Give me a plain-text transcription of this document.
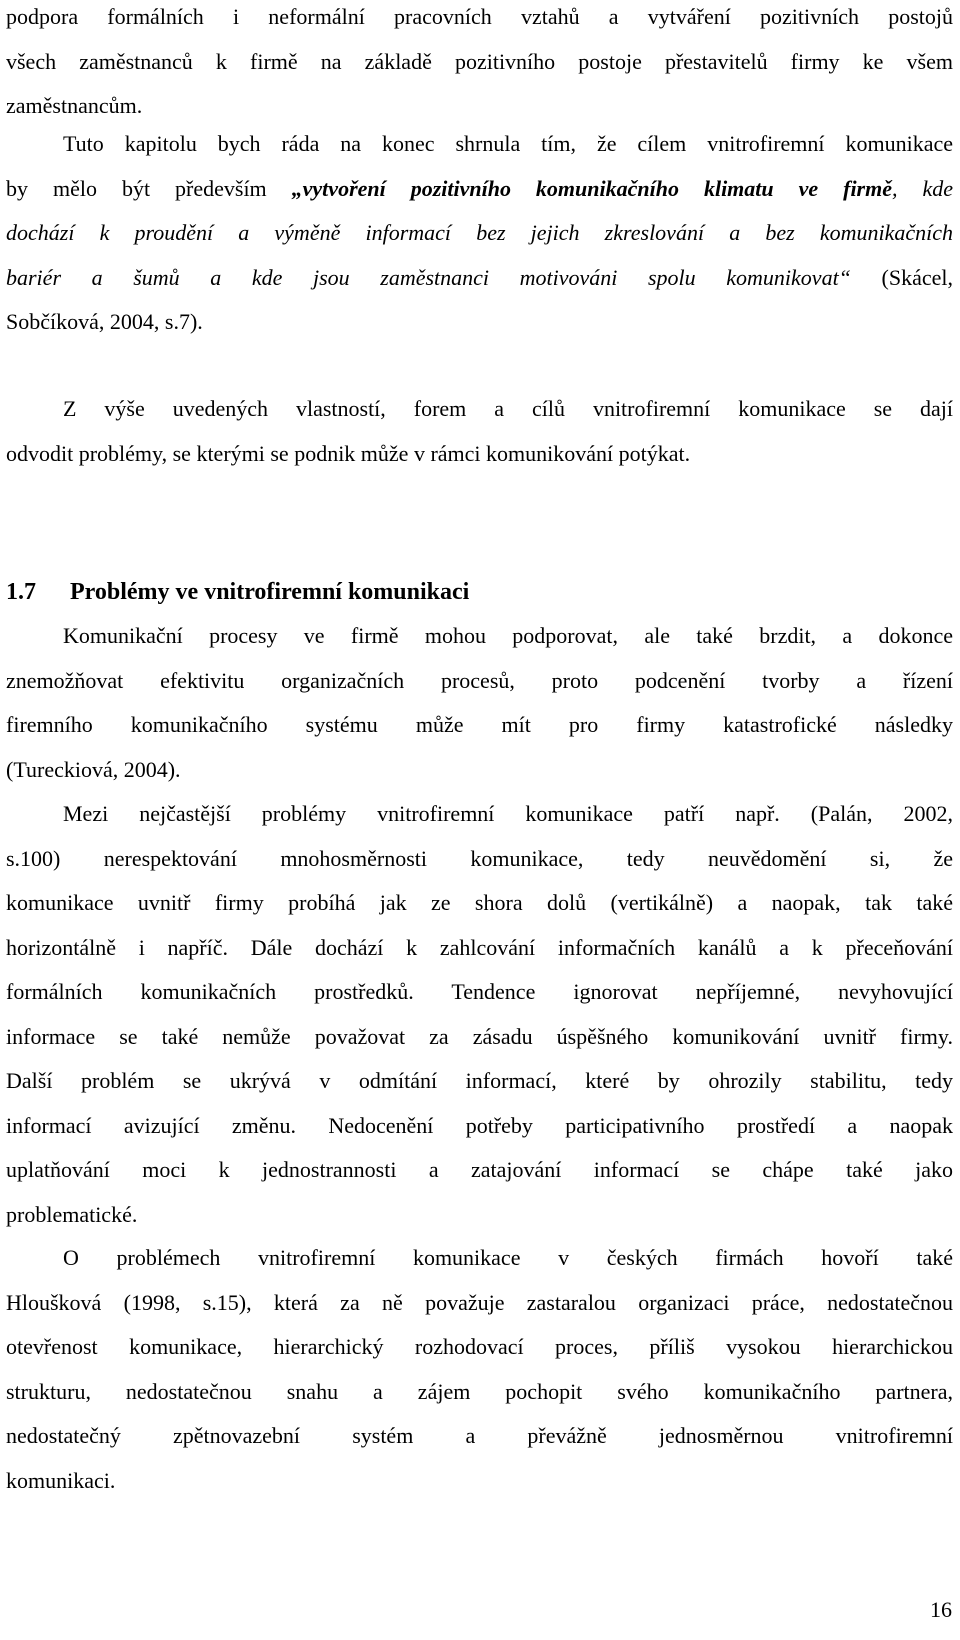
podpora formálních i neformální pracovních vztahů a vytváření pozitivních postojů
všech zaměstnanců k firmě na základě pozitivního postoje přestavitelů firmy ke všem
zaměstnancům.
Tuto kapitolu bych ráda na konec shrnula tím, že cílem vnitrofiremní komunikace
by mělo být především „vytvoření pozitivního komunikačního klimatu ve firmě, kde
dochází k proudění a výměně informací bez jejich zkreslování a bez komunikačních
bariér a šumů a kde jsou zaměstnanci motivováni spolu komunikovat“ (Skácel,
Sobčíková, 2004, s.7).
Z výše uvedených vlastností, forem a cílů vnitrofiremní komunikace se dají
odvodit problémy, se kterými se podnik může v rámci komunikování potýkat.
1.7 Problémy ve vnitrofiremní komunikaci
Komunikační procesy ve firmě mohou podporovat, ale také brzdit, a dokonce
znemožňovat efektivitu organizačních procesů, proto podcenění tvorby a řízení
firemního komunikačního systému může mít pro firmy katastrofické následky
(Tureckiová, 2004).
Mezi nejčastější problémy vnitrofiremní komunikace patří např. (Palán, 2002,
s.100) nerespektování mnohosměrnosti komunikace, tedy neuvědomění si, že
komunikace uvnitř firmy probíhá jak ze shora dolů (vertikálně) a naopak, tak také
horizontálně i napříč. Dále dochází k zahlcování informačních kanálů a k přeceňování
formálních komunikačních prostředků. Tendence ignorovat nepříjemné, nevyhovující
informace se také nemůže považovat za zásadu úspěšného komunikování uvnitř firmy.
Další problém se ukrývá v odmítání informací, které by ohrozily stabilitu, tedy
informací avizující změnu. Nedocenění potřeby participativního prostředí a naopak
uplatňování moci k jednostrannosti a zatajování informací se chápe také jako
problematické.
O problémech vnitrofiremní komunikace v českých firmách hovoří také
Hloušková (1998, s.15), která za ně považuje zastaralou organizaci práce, nedostatečnou
otevřenost komunikace, hierarchický rozhodovací proces, příliš vysokou hierarchickou
strukturu, nedostatečnou snahu a zájem pochopit svého komunikačního partnera,
nedostatečný zpětnovazební systém a převážně jednosměrnou vnitrofiremní
komunikaci.
16
